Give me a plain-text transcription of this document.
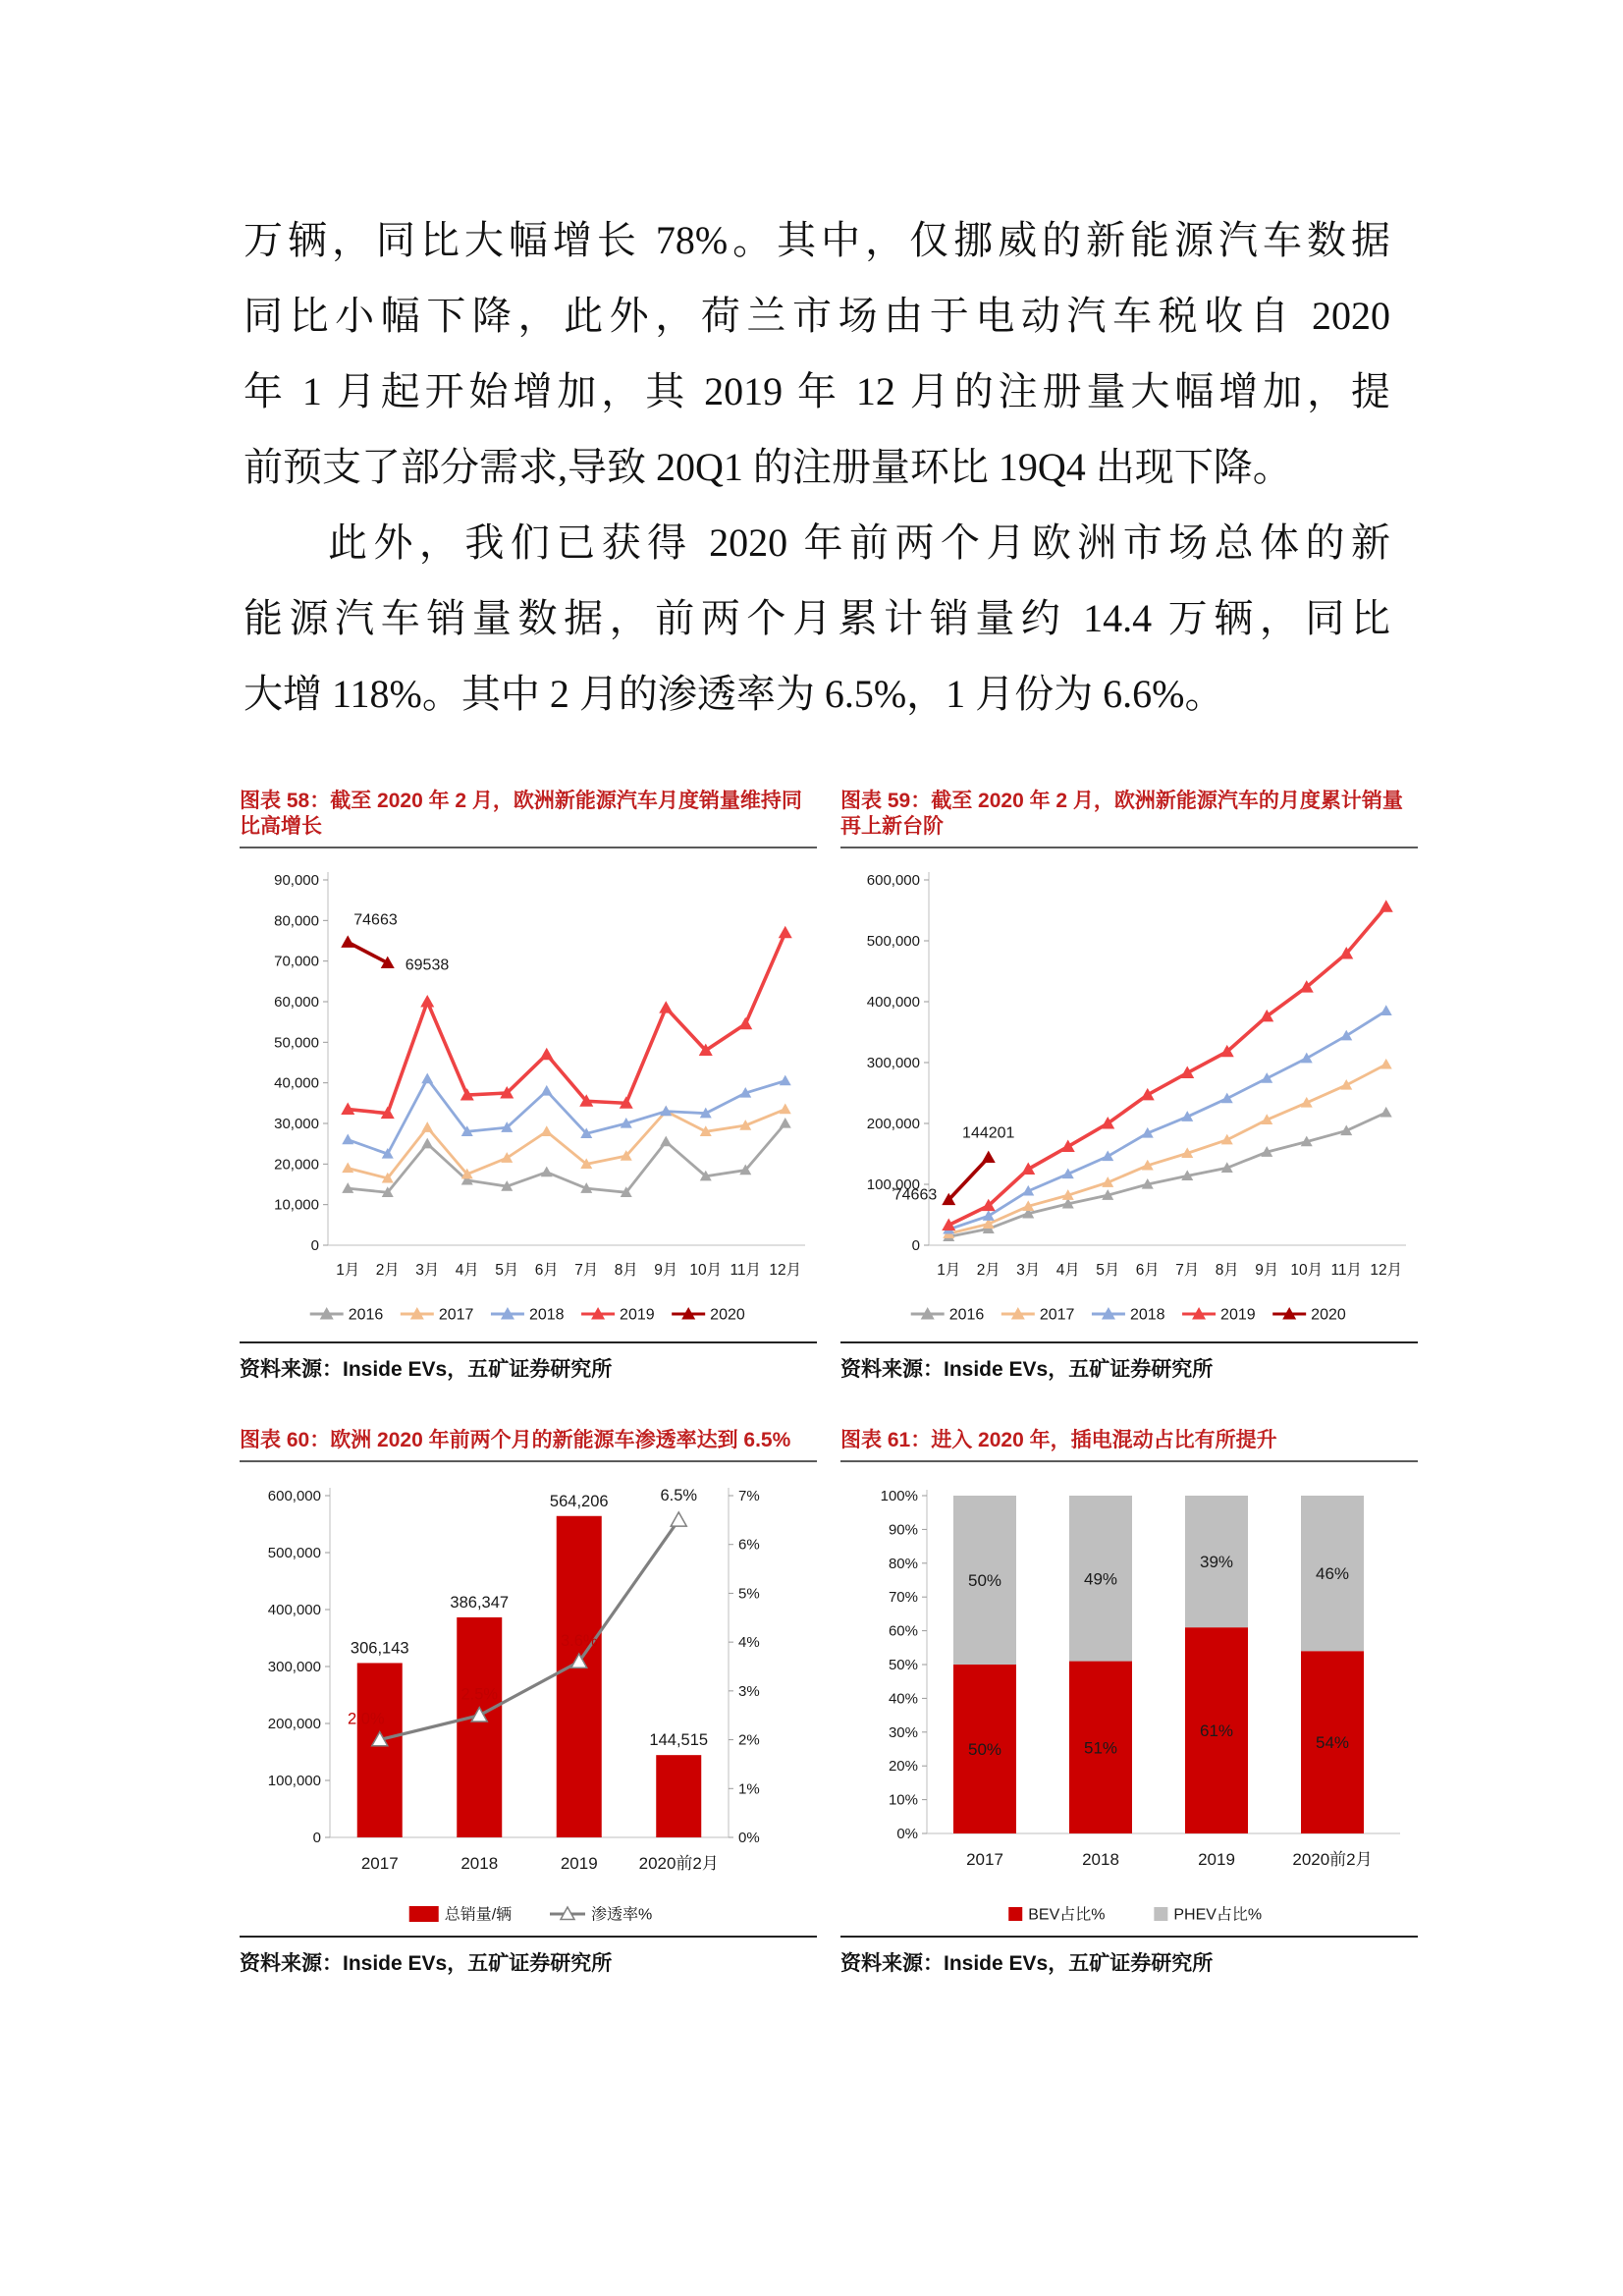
万辆，同比大幅增长 78%。其中，仅挪威的新能源汽车数据
同比小幅下降，此外，荷兰市场由于电动汽车税收自 2020
年 1 月起开始增加，其 2019 年 12 月的注册量大幅增加，提
前预支了部分需求,导致 20Q1 的注册量环比 19Q4 出现下降。
此外，我们已获得 2020 年前两个月欧洲市场总体的新
能源汽车销量数据，前两个月累计销量约 14.4 万辆，同比
大增 118%。其中 2 月的渗透率为 6.5%，1 月份为 6.6%。
图表 58：截至 2020 年 2 月，欧洲新能源汽车月度销量维持同比高增长
0
10,000
20,000
30,000
40,000
50,000
60,000
70,000
80,000
90,000
1月 2月 3月 4月 5月 6月 7月 8月 9月 10月 11月 12月
74663
69538
2016	2017	2018	2019	2020
资料来源：Inside EVs，五矿证券研究所
图表 59：截至 2020 年 2 月，欧洲新能源汽车的月度累计销量再上新台阶
0
100,000
200,000
300,000
400,000
500,000
600,000
1月 2月 3月 4月 5月 6月 7月 8月 9月 10月 11月 12月
74663
144201
2016	2017	2018	2019	2020
资料来源：Inside EVs，五矿证券研究所
图表 60：欧洲 2020 年前两个月的新能源车渗透率达到 6.5%
0
100,000
200,000
300,000
400,000
500,000
600,000
0%
1%
2%
3%
4%
5%
6%
7%
306,143
386,347
564,206
144,515
2.0%
2.5%
3.6%
6.5%
2017	2018	2019 2020前2月
总销量/辆	渗透率%
资料来源：Inside EVs，五矿证券研究所
图表 61：进入 2020 年，插电混动占比有所提升
0%
10%
20%
30%
40%
50%
60%
70%
80%
90%
100%
50%
50%
2017
51%
49%
2018
61%
39%
2019
54%
46%
2020前2月
BEV占比%	PHEV占比%
资料来源：Inside EVs，五矿证券研究所
